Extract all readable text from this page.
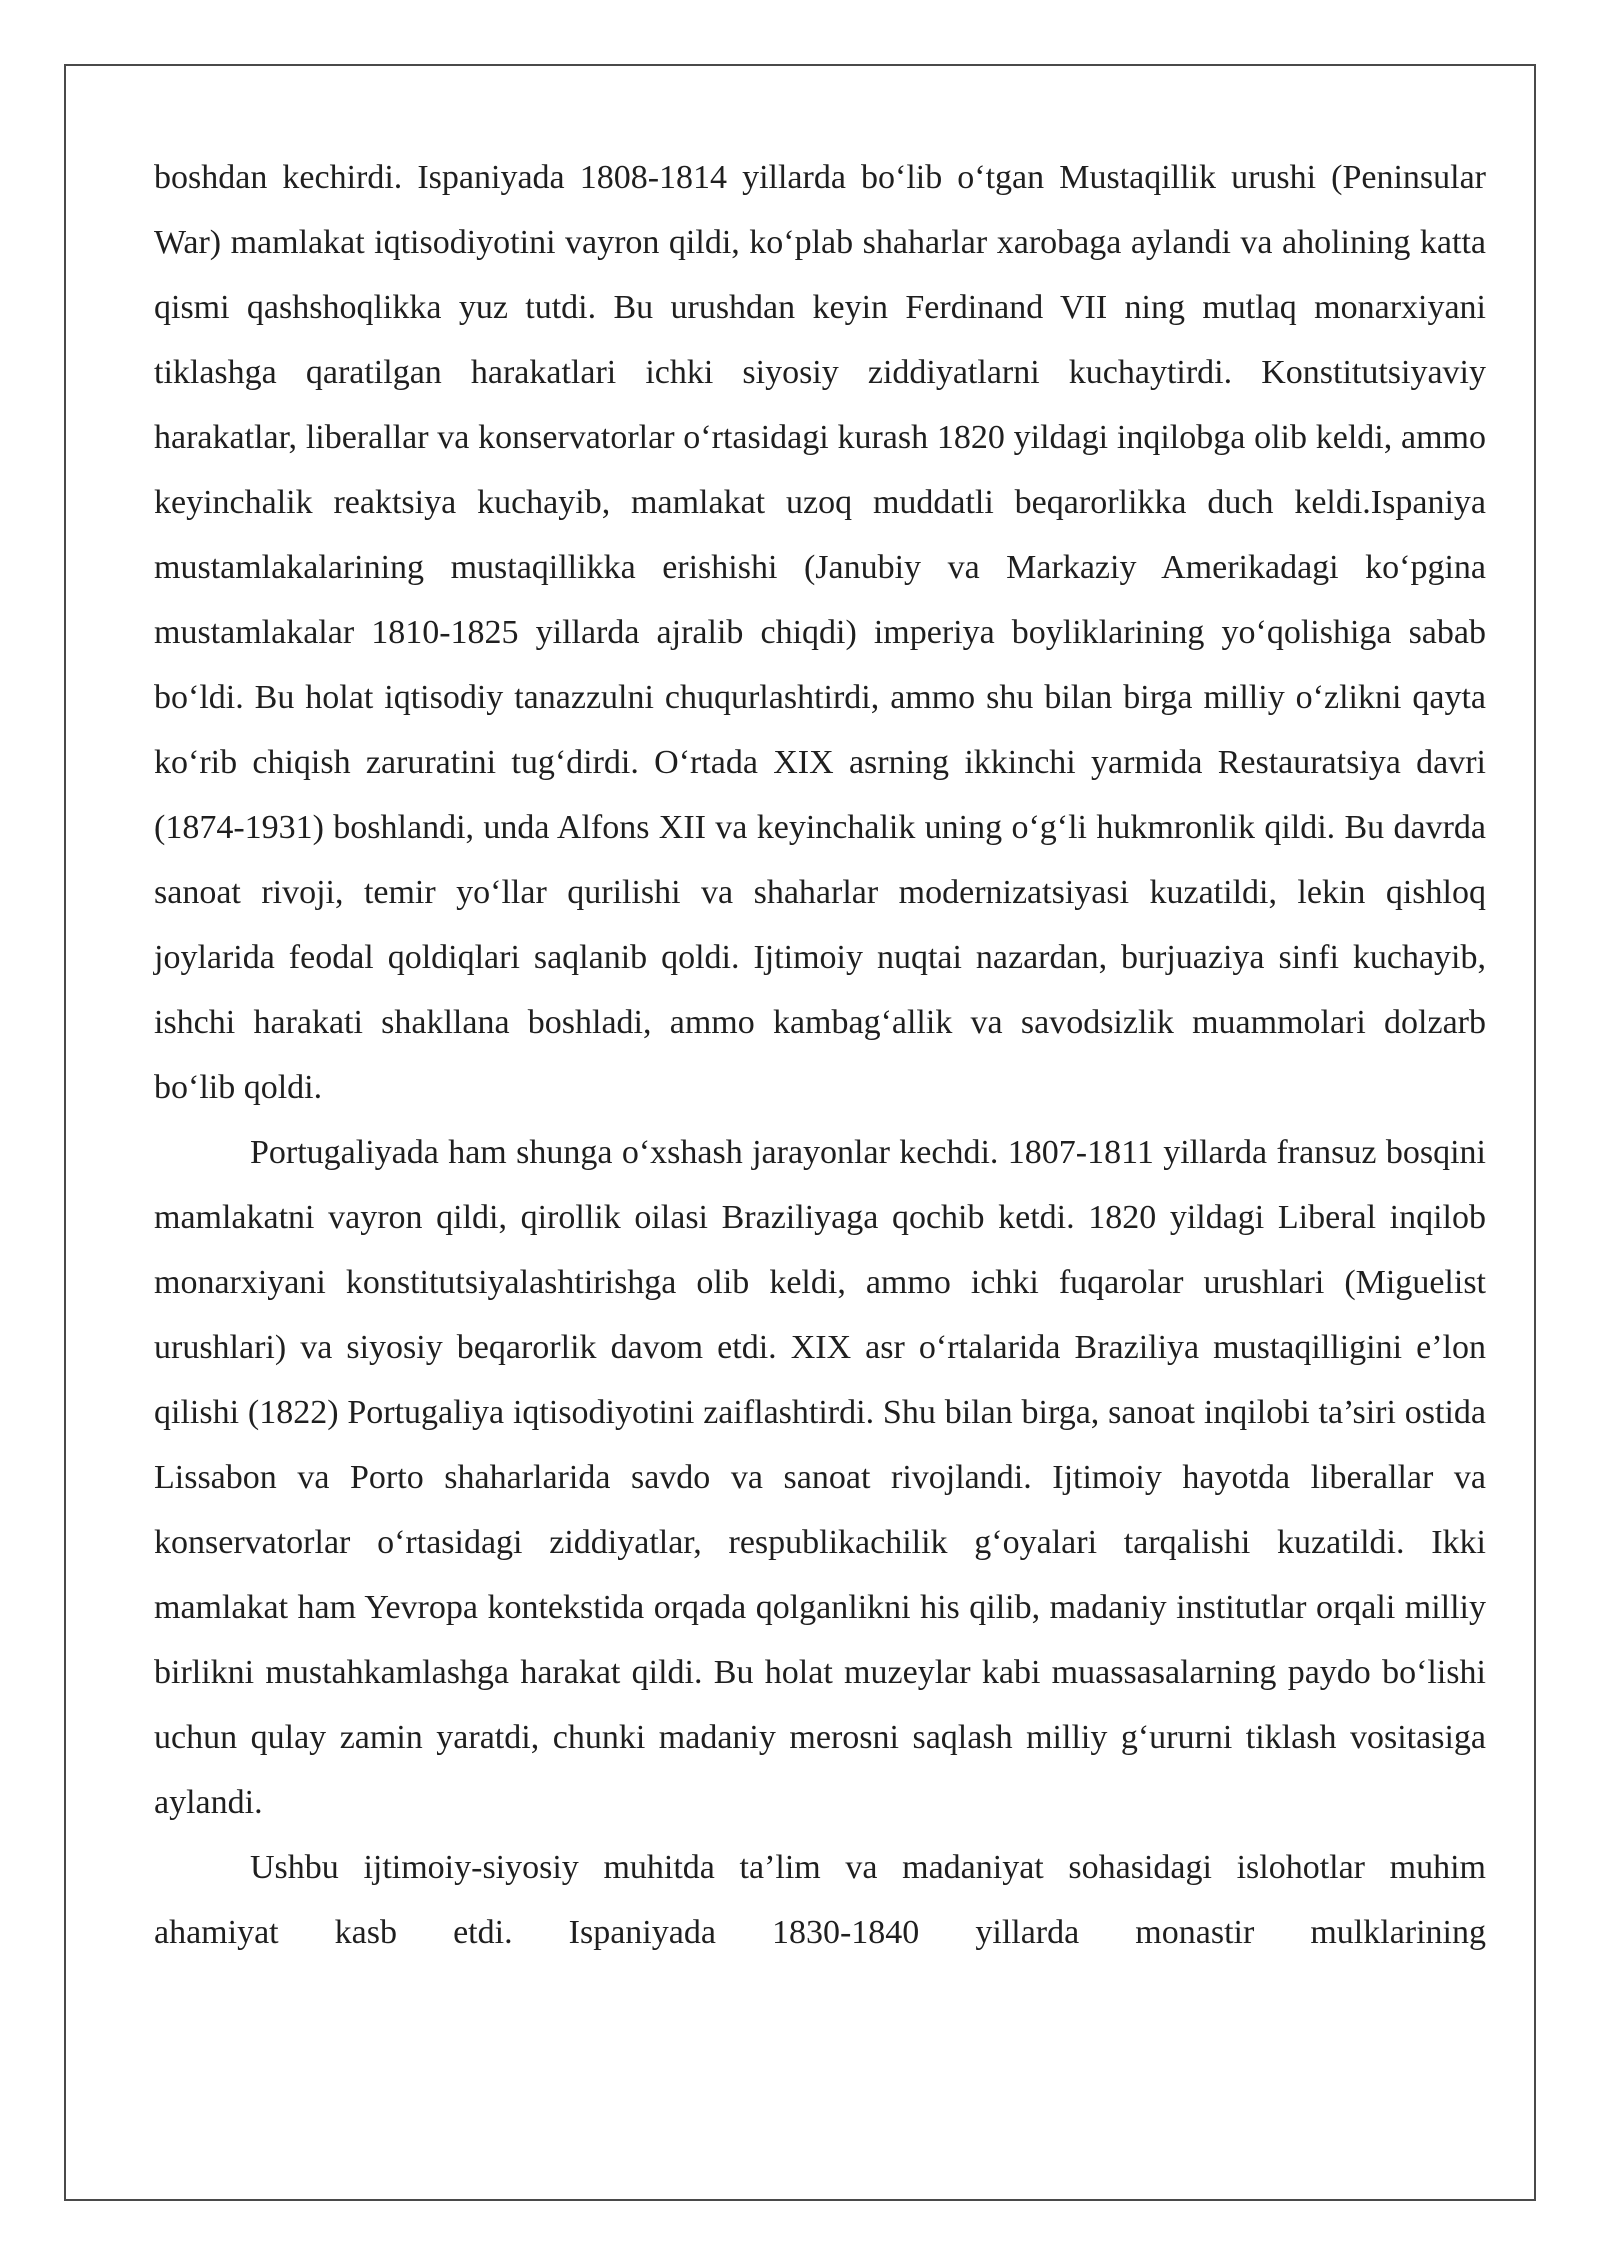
boshdan kechirdi. Ispaniyada 1808-1814 yillarda bo‘lib o‘tgan Mustaqillik urushi (Peninsular War) mamlakat iqtisodiyotini vayron qildi, ko‘plab shaharlar xarobaga aylandi va aholining katta qismi qashshoqlikka yuz tutdi. Bu urushdan keyin Ferdinand VII ning mutlaq monarxiyani tiklashga qaratilgan harakatlari ichki siyosiy ziddiyatlarni kuchaytirdi. Konstitutsiyaviy harakatlar, liberallar va konservatorlar o‘rtasidagi kurash 1820 yildagi inqilobga olib keldi, ammo keyinchalik reaktsiya kuchayib, mamlakat uzoq muddatli beqarorlikka duch keldi.Ispaniya mustamlakalarining mustaqillikka erishishi (Janubiy va Markaziy Amerikadagi ko‘pgina mustamlakalar 1810-1825 yillarda ajralib chiqdi) imperiya boyliklarining yo‘qolishiga sabab bo‘ldi. Bu holat iqtisodiy tanazzulni chuqurlashtirdi, ammo shu bilan birga milliy o‘zlikni qayta ko‘rib chiqish zaruratini tug‘dirdi. O‘rtada XIX asrning ikkinchi yarmida Restauratsiya davri (1874-1931) boshlandi, unda Alfons XII va keyinchalik uning o‘g‘li hukmronlik qildi. Bu davrda sanoat rivoji, temir yo‘llar qurilishi va shaharlar modernizatsiyasi kuzatildi, lekin qishloq joylarida feodal qoldiqlari saqlanib qoldi. Ijtimoiy nuqtai nazardan, burjuaziya sinfi kuchayib, ishchi harakati shakllana boshladi, ammo kambag‘allik va savodsizlik muammolari dolzarb bo‘lib qoldi.

Portugaliyada ham shunga o‘xshash jarayonlar kechdi. 1807-1811 yillarda fransuz bosqini mamlakatni vayron qildi, qirollik oilasi Braziliyaga qochib ketdi. 1820 yildagi Liberal inqilob monarxiyani konstitutsiyalashtirishga olib keldi, ammo ichki fuqarolar urushlari (Miguelist urushlari) va siyosiy beqarorlik davom etdi. XIX asr o‘rtalarida Braziliya mustaqilligini e’lon qilishi (1822) Portugaliya iqtisodiyotini zaiflashtirdi. Shu bilan birga, sanoat inqilobi ta’siri ostida Lissabon va Porto shaharlarida savdo va sanoat rivojlandi. Ijtimoiy hayotda liberallar va konservatorlar o‘rtasidagi ziddiyatlar, respublikachilik g‘oyalari tarqalishi kuzatildi. Ikki mamlakat ham Yevropa kontekstida orqada qolganlikni his qilib, madaniy institutlar orqali milliy birlikni mustahkamlashga harakat qildi. Bu holat muzeylar kabi muassasalarning paydo bo‘lishi uchun qulay zamin yaratdi, chunki madaniy merosni saqlash milliy g‘ururni tiklash vositasiga aylandi.

Ushbu ijtimoiy-siyosiy muhitda ta’lim va madaniyat sohasidagi islohotlar muhim ahamiyat kasb etdi. Ispaniyada 1830-1840 yillarda monastir mulklarining
